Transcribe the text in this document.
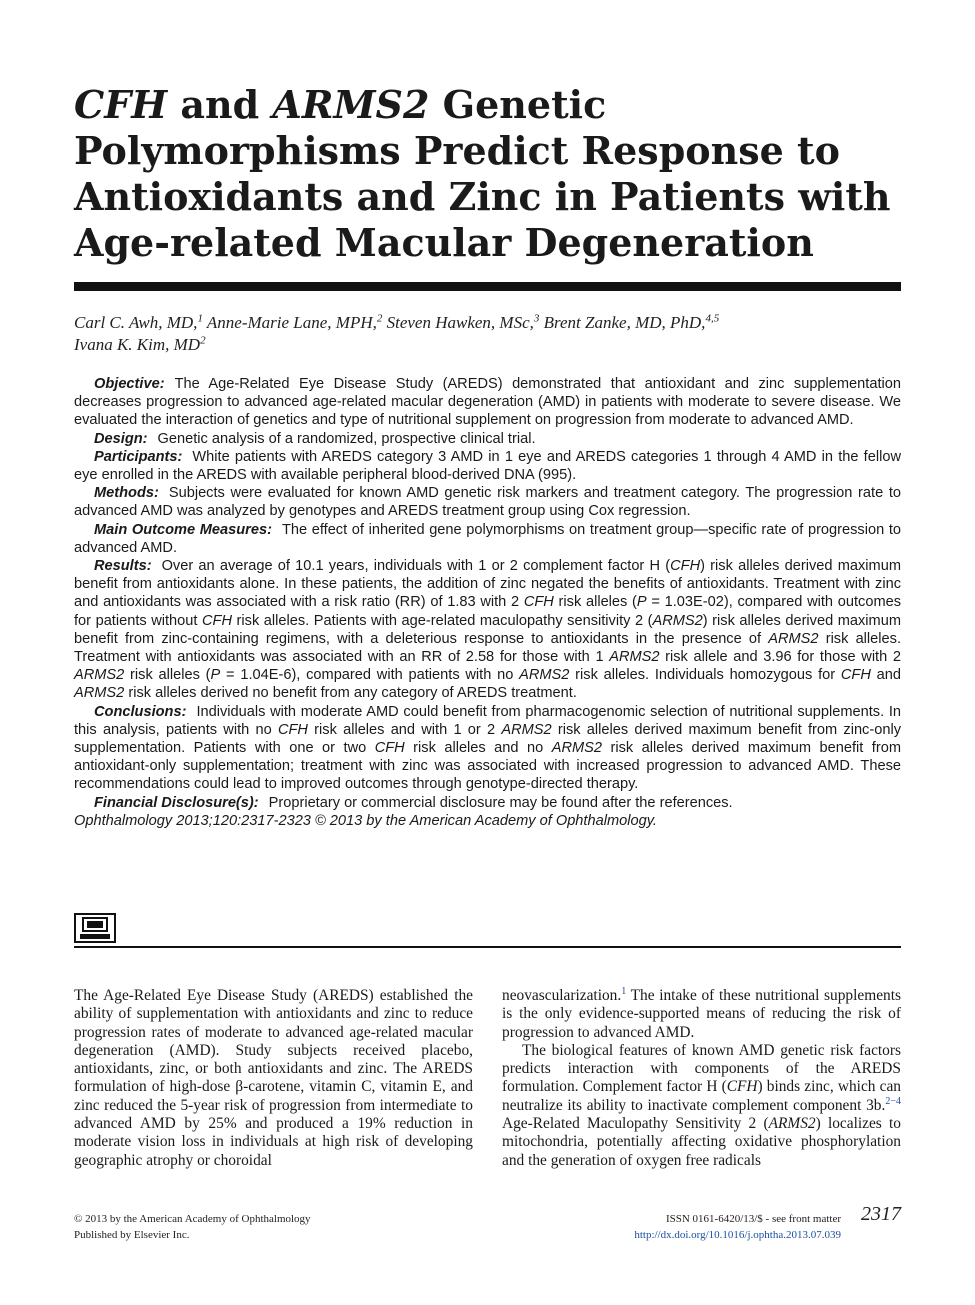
CFH and ARMS2 Genetic Polymorphisms Predict Response to Antioxidants and Zinc in Patients with Age-related Macular Degeneration
Carl C. Awh, MD,$^1$ Anne-Marie Lane, MPH,$^2$ Steven Hawken, MSc,$^3$ Brent Zanke, MD, PhD,$^{4,5}$
Ivana K. Kim, $MD^2$

Objective: The Age-Related Eye Disease Study (AREDS) demonstrated that antioxidant and zinc supplementation decreases progression to advanced age-related macular degeneration (AMD) in patients with moderate to severe disease. We evaluated the interaction of genetics and type of nutritional supplement on progression from moderate to advanced AMD.

Design: Genetic analysis of a randomized, prospective clinical trial.

Participants: White patients with AREDS category 3 AMD in 1 eye and AREDS categories 1 through 4 AMD in the fellow eye enrolled in the AREDS with available peripheral blood-derived DNA (995).

Methods: Subjects were evaluated for known AMD genetic risk markers and treatment category. The progression rate to advanced AMD was analyzed by genotypes and AREDS treatment group using Cox regression.

Main Outcome Measures: The effect of inherited gene polymorphisms on treatment group—specific rate of progression to advanced AMD.

Results: Over an average of 10.1 years, individuals with 1 or 2 complement factor H (CFH) risk alleles derived maximum benefit from antioxidants alone. In these patients, the addition of zinc negated the benefits of antioxidants. Treatment with zinc and antioxidants was associated with a risk ratio (RR) of 1.83 with 2 CFH risk alleles (P = 1.03E-02), compared with outcomes for patients without CFH risk alleles. Patients with age-related maculopathy sensitivity 2 (ARMS2) risk alleles derived maximum benefit from zinc-containing regimens, with a deleterious response to antioxidants in the presence of ARMS2 risk alleles. Treatment with antioxidants was associated with an RR of 2.58 for those with 1 ARMS2 risk allele and 3.96 for those with 2 ARMS2 risk alleles (P = 1.04E-6), compared with patients with no ARMS2 risk alleles. Individuals homozygous for CFH and ARMS2 risk alleles derived no benefit from any category of AREDS treatment.

Conclusions: Individuals with moderate AMD could benefit from pharmacogenomic selection of nutritional supplements. In this analysis, patients with no CFH risk alleles and with 1 or 2 ARMS2 risk alleles derived maximum benefit from zinc-only supplementation. Patients with one or two CFH risk alleles and no ARMS2 risk alleles derived maximum benefit from antioxidant-only supplementation; treatment with zinc was associated with increased progression to advanced AMD. These recommendations could lead to improved outcomes through genotype-directed therapy.

Financial Disclosure(s): Proprietary or commercial disclosure may be found after the references.

Ophthalmology 2013;120:2317-2323 © 2013 by the American Academy of Ophthalmology.

The Age-Related Eye Disease Study (AREDS) established the ability of supplementation with antioxidants and zinc to reduce progression rates of moderate to advanced age-related macular degeneration (AMD). Study subjects received placebo, antioxidants, zinc, or both antioxidants and zinc. The AREDS formulation of high-dose β-carotene, vitamin C, vitamin E, and zinc reduced the 5-year risk of progression from intermediate to advanced AMD by 25% and produced a 19% reduction in moderate vision loss in individuals at high risk of developing geographic atrophy or choroidal

neovascularization.$^1$ The intake of these nutritional supplements is the only evidence-supported means of reducing the risk of progression to advanced AMD.

The biological features of known AMD genetic risk factors predicts interaction with components of the AREDS formulation. Complement factor H (CFH) binds zinc, which can neutralize its ability to inactivate complement component 3b.$^{2-4}$ Age-Related Maculopathy Sensitivity 2 (ARMS2) localizes to mitochondria, potentially affecting oxidative phosphorylation and the generation of oxygen free radicals

© 2013 by the American Academy of Ophthalmology
Published by Elsevier Inc.
ISSN 0161-6420/13/$ - see front matter
http://dx.doi.org/10.1016/j.ophtha.2013.07.039
2317
